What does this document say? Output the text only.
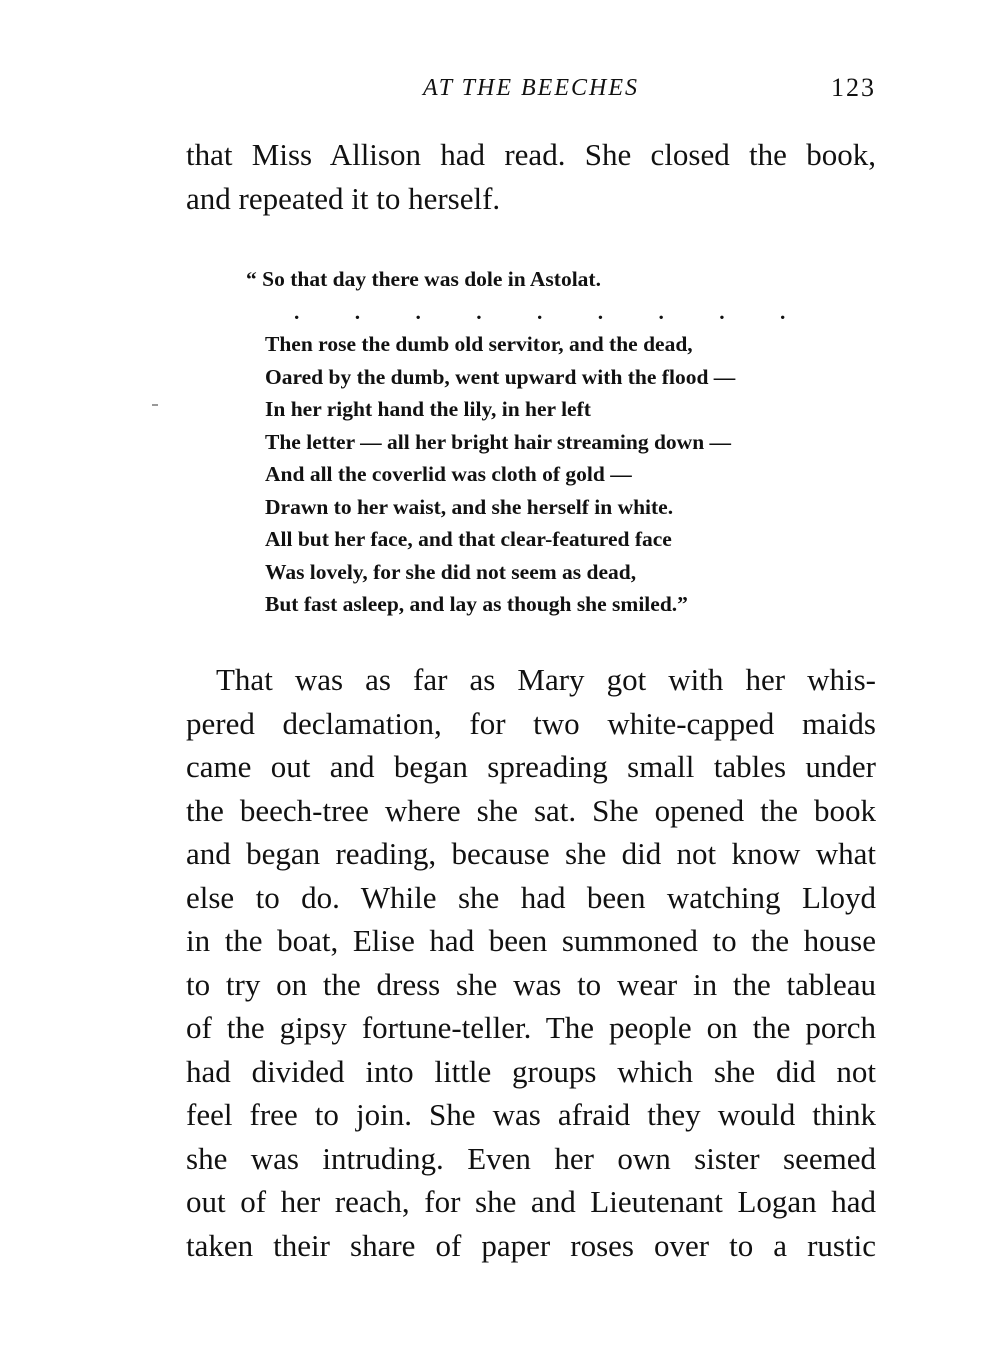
AT THE BEECHES	123

that Miss Allison had read. She closed the book,
and repeated it to herself.

“ So that day there was dole in Astolat.
. . . . . . . . .
Then rose the dumb old servitor, and the dead,
Oared by the dumb, went upward with the flood —
In her right hand the lily, in her left
The letter — all her bright hair streaming down —
And all the coverlid was cloth of gold —
Drawn to her waist, and she herself in white.
All but her face, and that clear-featured face
Was lovely, for she did not seem as dead,
But fast asleep, and lay as though she smiled.”

That was as far as Mary got with her whis-
pered declamation, for two white-capped maids
came out and began spreading small tables under
the beech-tree where she sat. She opened the book
and began reading, because she did not know what
else to do. While she had been watching Lloyd
in the boat, Elise had been summoned to the house
to try on the dress she was to wear in the tableau
of the gipsy fortune-teller. The people on the porch
had divided into little groups which she did not
feel free to join. She was afraid they would think
she was intruding. Even her own sister seemed
out of her reach, for she and Lieutenant Logan had
taken their share of paper roses over to a rustic
